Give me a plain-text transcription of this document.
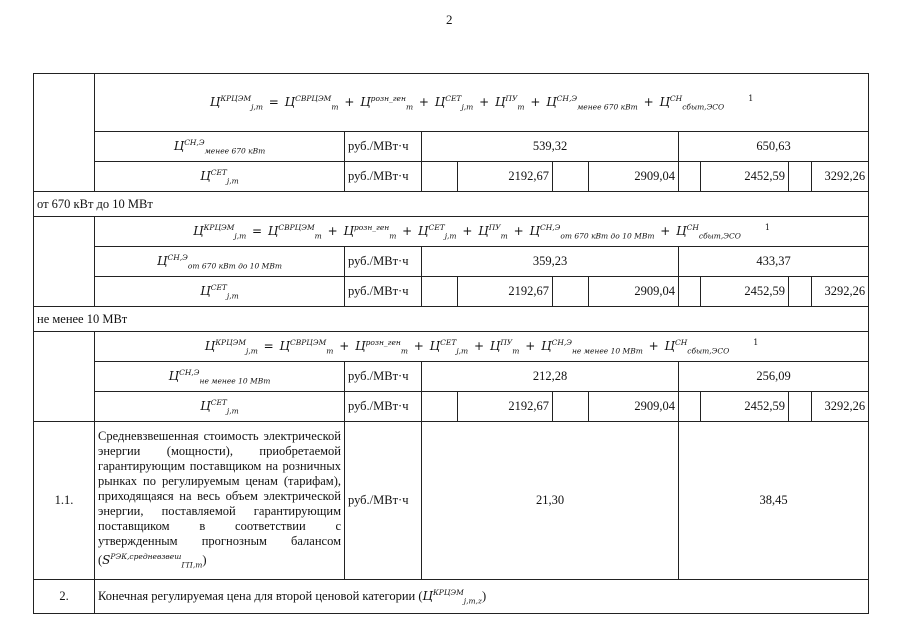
2
	$Ц^{КРЦЭМ}_{j,m} = Ц^{СВРЦЭМ}_m + Ц^{розн\_ген}_m + Ц^{СЕТ}_{j,m} + Ц^{ПУ}_m + Ц^{СН,Э}_{менее 670 кВт} + Ц^{СН}_{сбыт,ЭСО}^1$
	$Ц^{СН,Э}_{менее 670 кВт}$	руб./МВт·ч	539,32				650,63			
	$Ц^{СЕТ}_{j,m}$	руб./МВт·ч		2192,67		2909,04		2452,59		3292,26
от 670 кВт до 10 МВт										
	$Ц^{КРЦЭМ}_{j,m} = Ц^{СВРЦЭМ}_m + Ц^{розн\_ген}_m + Ц^{СЕТ}_{j,m} + Ц^{ПУ}_m + Ц^{СН,Э}_{от 670 кВт до 10 МВт} + Ц^{СН}_{сбыт,ЭСО}^1$
	$Ц^{СН,Э}_{от 670 кВт до 10 МВт}$	руб./МВт·ч	359,23				433,37			
	$Ц^{СЕТ}_{j,m}$	руб./МВт·ч		2192,67		2909,04		2452,59		3292,26
не менее 10 МВт										
	$Ц^{КРЦЭМ}_{j,m} = Ц^{СВРЦЭМ}_m + Ц^{розн\_ген}_m + Ц^{СЕТ}_{j,m} + Ц^{ПУ}_m + Ц^{СН,Э}_{не менее 10 МВт} + Ц^{СН}_{сбыт,ЭСО}^1$
	$Ц^{СН,Э}_{не менее 10 МВт}$	руб./МВт·ч	212,28				256,09			
	$Ц^{СЕТ}_{j,m}$	руб./МВт·ч		2192,67		2909,04		2452,59		3292,26
1.1.	Средневзвешенная стоимость электрической энергии (мощности), приобретаемой гарантирующим поставщиком на розничных рынках по регулируемым ценам (тарифам), приходящаяся на весь объем электрической энергии, поставляемой гарантирующим поставщиком в соответствии с утвержденным прогнозным балансом $(S^{РЭК,средневзвеш}_{ГП,m})$	руб./МВт·ч	21,30				38,45			
2.	Конечная регулируемая цена для второй ценовой категории $(Ц^{КРЦЭМ}_{j,m,z})$									
